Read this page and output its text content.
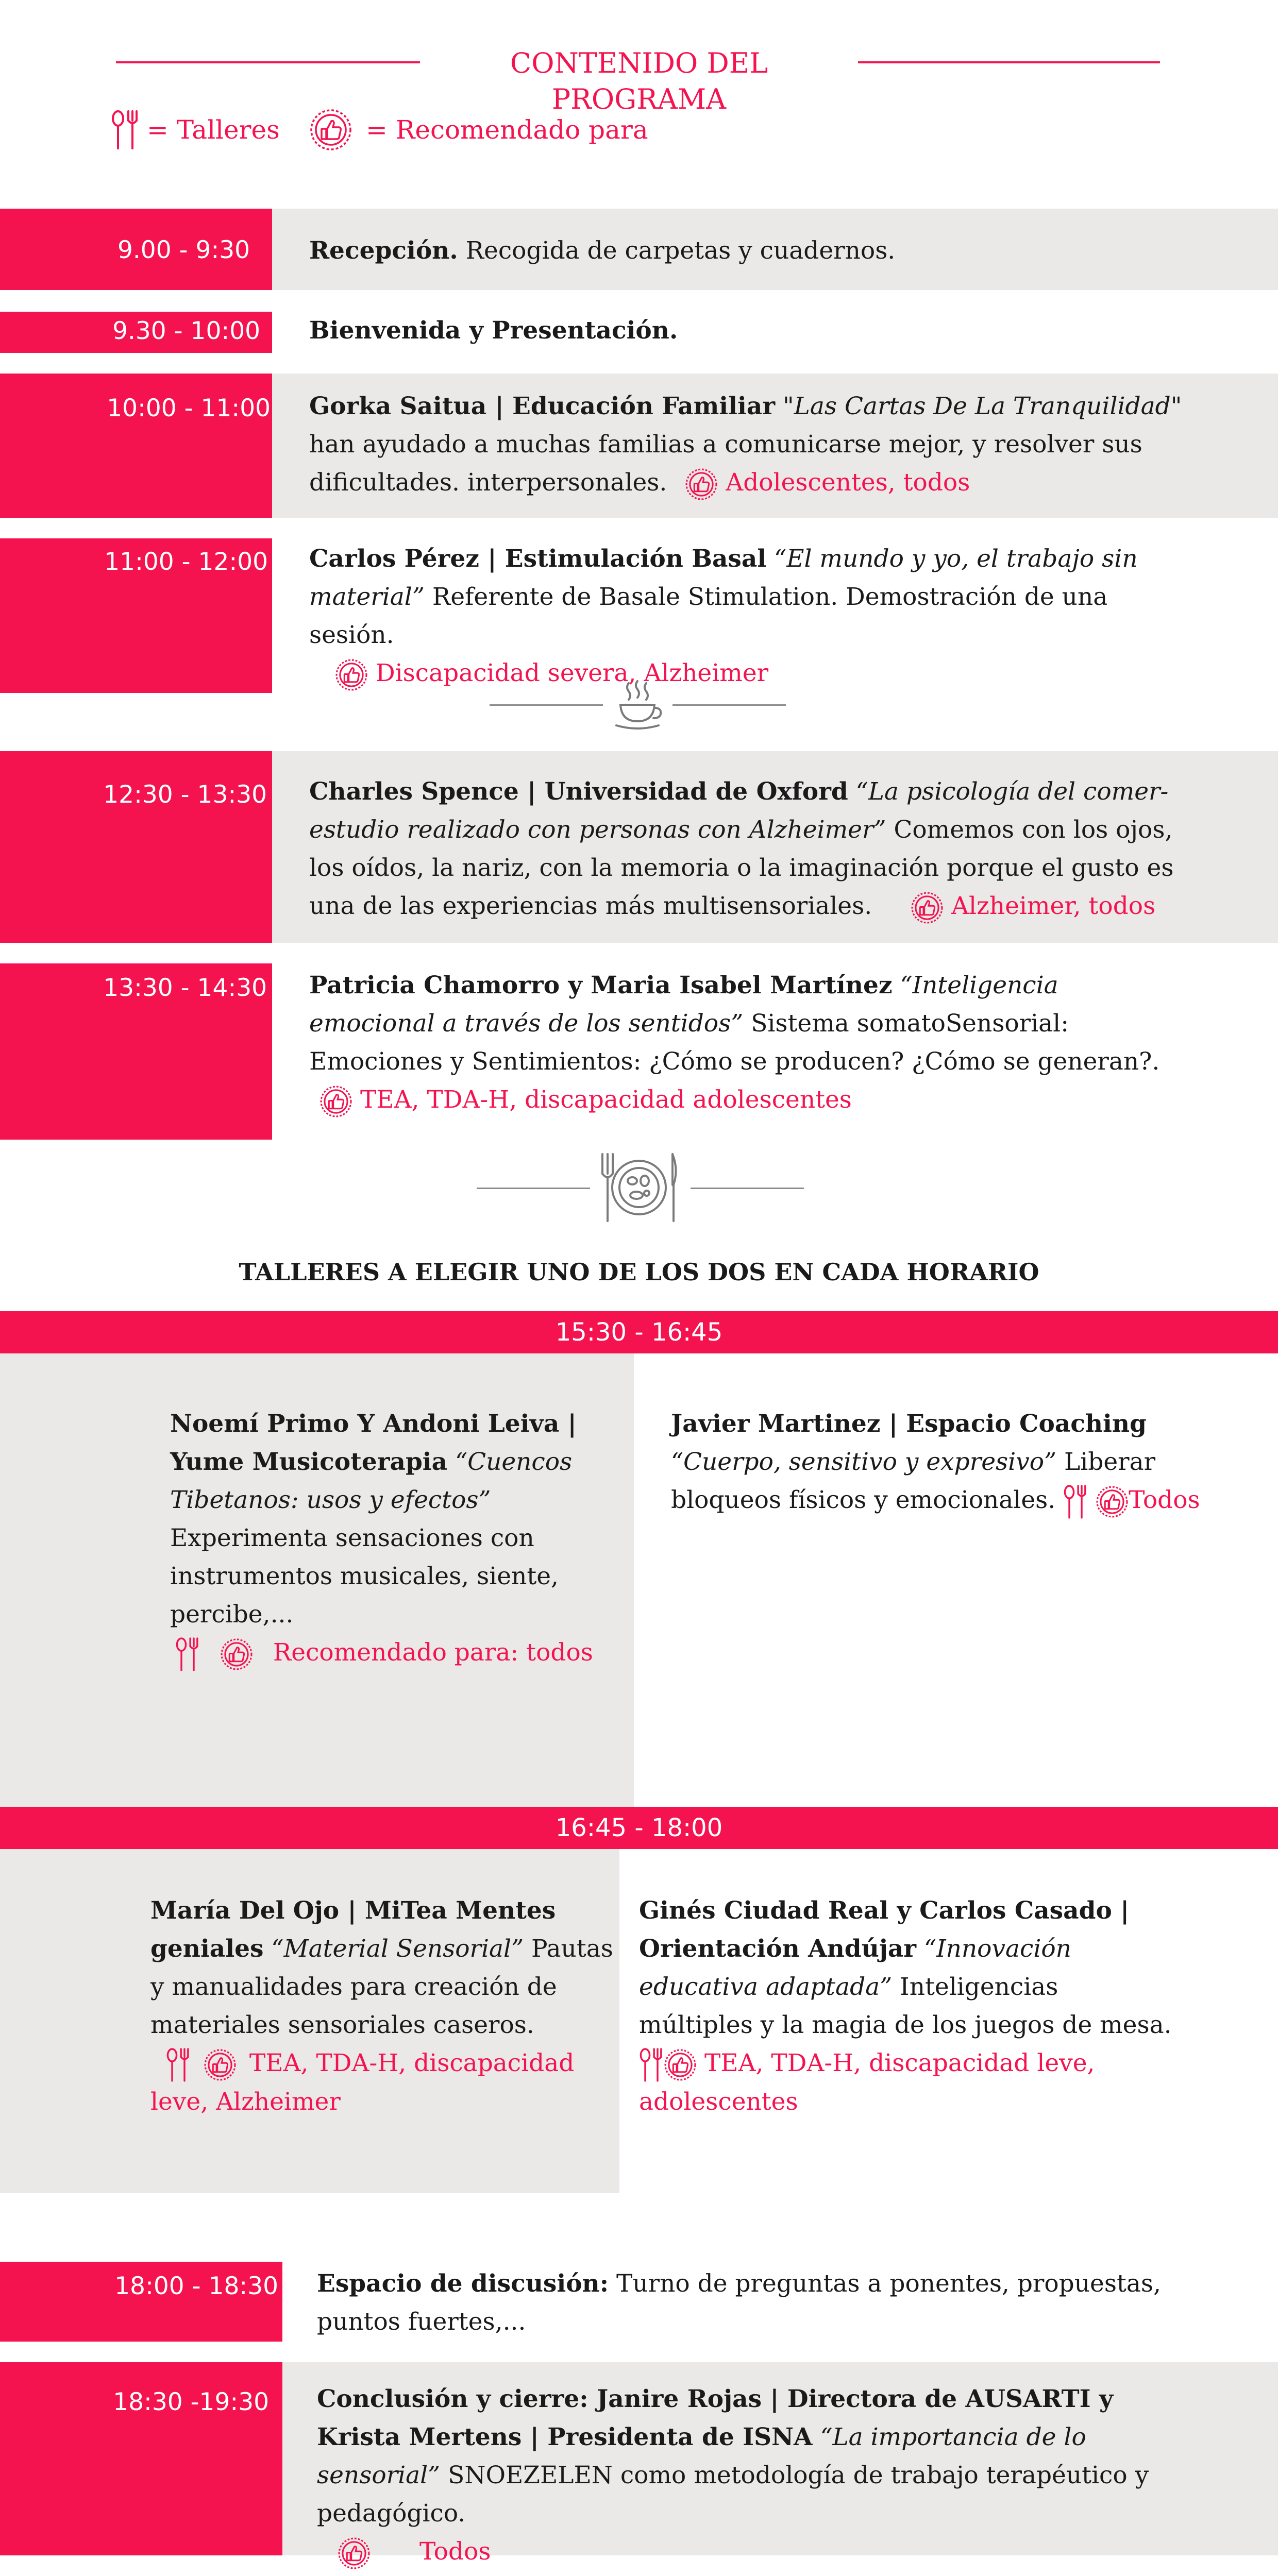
CONTENIDO DEL PROGRAMA
= Talleres	= Recomendado para
9.00 - 9:30 Recepción. Recogida de carpetas y cuadernos.
9.30 - 10:00 Bienvenida y Presentación.
10:00 - 11:00 Gorka Saitua | Educación Familiar "Las Cartas De La Tranquilidad" han ayudado a muchas familias a comunicarse mejor, y resolver sus dificultades. interpersonales. Adolescentes, todos
11:00 - 12:00 Carlos Pérez | Estimulación Basal “El mundo y yo, el trabajo sin material” Referente de Basale Stimulation. Demostración de una sesión.

Discapacidad severa, Alzheimer
12:30 - 13:30 Charles Spence | Universidad de Oxford “La psicología del comer-estudio realizado con personas con Alzheimer” Comemos con los ojos, los oídos, la nariz, con la memoria o la imaginación porque el gusto es una de las experiencias más multisensoriales.	Alzheimer, todos
13:30 - 14:30 Patricia Chamorro y Maria Isabel Martínez “Inteligencia emocional a través de los sentidos” Sistema somatoSensorial: Emociones y Sentimientos: ¿Cómo se producen? ¿Cómo se generan?.
TEA, TDA-H, discapacidad adolescentes
TALLERES A ELEGIR UNO DE LOS DOS EN CADA HORARIO
15:30 - 16:45
Noemí Primo Y Andoni Leiva | Yume Musicoterapia “Cuencos Tibetanos: usos y efectos” Experimenta sensaciones con instrumentos musicales, siente, percibe,...

Recomendado para: todos
Javier Martinez | Espacio Coaching
“Cuerpo, sensitivo y expresivo” Liberar bloqueos físicos y emocionales.
	Todos
16:45 - 18:00
María Del Ojo | MiTea Mentes geniales “Material Sensorial” Pautas y manualidades para creación de materiales sensoriales caseros.

TEA, TDA-H, discapacidad leve, Alzheimer
Ginés Ciudad Real y Carlos Casado | Orientación Andújar “Innovación educativa adaptada” Inteligencias múltiples y la magia de los juegos de mesa.
TEA, TDA-H, discapacidad leve, adolescentes
18:00 - 18:30 Espacio de discusión: Turno de preguntas a ponentes, propuestas, puntos fuertes,...
18:30 -19:30 Conclusión y cierre: Janire Rojas | Directora de AUSARTI y Krista Mertens | Presidenta de ISNA “La importancia de lo sensorial” SNOEZELEN como metodología de trabajo terapéutico y pedagógico.

Todos
